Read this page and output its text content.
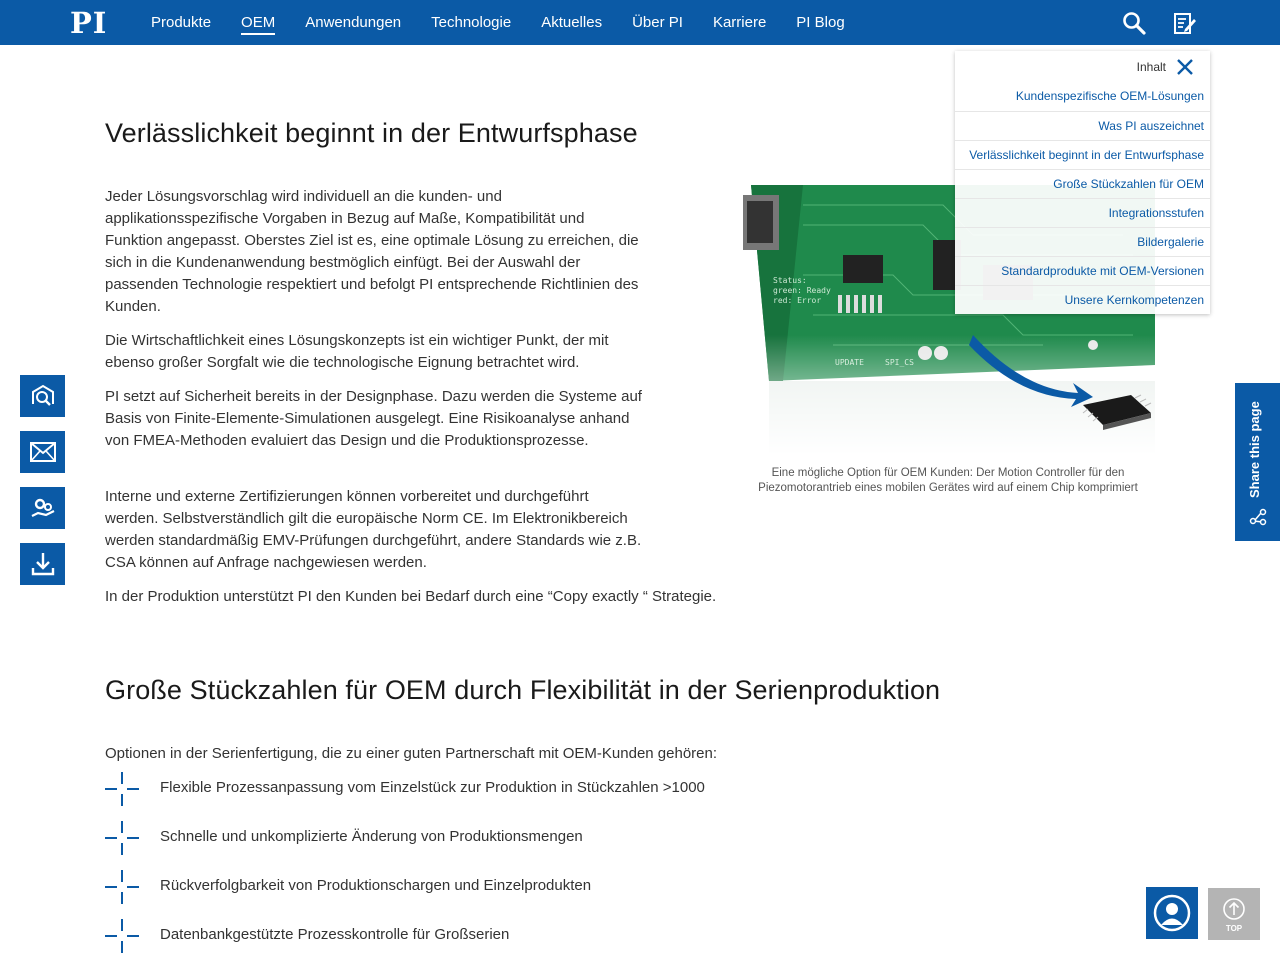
PI	Produkte OEM Anwendungen Technologie Aktuelles Über PI Karriere PI Blog
Verlässlichkeit beginnt in der Entwurfsphase

Jeder Lösungsvorschlag wird individuell an die kunden- und applikationsspezifische Vorgaben in Bezug auf Maße, Kompatibilität und Funktion angepasst. Oberstes Ziel ist es, eine optimale Lösung zu erreichen, die sich in die Kundenanwendung bestmöglich einfügt. Bei der Auswahl der passenden Technologie respektiert und befolgt PI entsprechende Richtlinien des Kunden.

Die Wirtschaftlichkeit eines Lösungskonzepts ist ein wichtiger Punkt, der mit ebenso großer Sorgfalt wie die technologische Eignung betrachtet wird.

PI setzt auf Sicherheit bereits in der Designphase. Dazu werden die Systeme auf Basis von Finite-Elemente-Simulationen ausgelegt. Eine Risikoanalyse anhand von FMEA-Methoden evaluiert das Design und die Produktionsprozesse.

Interne und externe Zertifizierungen können vorbereitet und durchgeführt werden. Selbstverständlich gilt die europäische Norm CE. Im Elektronikbereich werden standardmäßig EMV-Prüfungen durchgeführt, andere Standards wie z.B. CSA können auf Anfrage nachgewiesen werden.

In der Produktion unterstützt PI den Kunden bei Bedarf durch eine “Copy exactly “ Strategie.

Status:
green: Ready
red: Error
Eine mögliche Option für OEM Kunden: Der Motion Controller für den Piezomotorantrieb eines mobilen Gerätes wird auf einem Chip komprimiert
Inhalt
Kundenspezifische OEM-Lösungen
Was PI auszeichnet
Verlässlichkeit beginnt in der Entwurfsphase
Große Stückzahlen für OEM
Integrationsstufen
Bildergalerie
Standardprodukte mit OEM-Versionen
Unsere Kernkompetenzen
Share this page
Große Stückzahlen für OEM durch Flexibilität in der Serienproduktion

Optionen in der Serienfertigung, die zu einer guten Partnerschaft mit OEM-Kunden gehören:

Flexible Prozessanpassung vom Einzelstück zur Produktion in Stückzahlen >1000
Schnelle und unkomplizierte Änderung von Produktionsmengen
Rückverfolgbarkeit von Produktionschargen und Einzelprodukten
Datenbankgestützte Prozesskontrolle für Großserien	TOP
